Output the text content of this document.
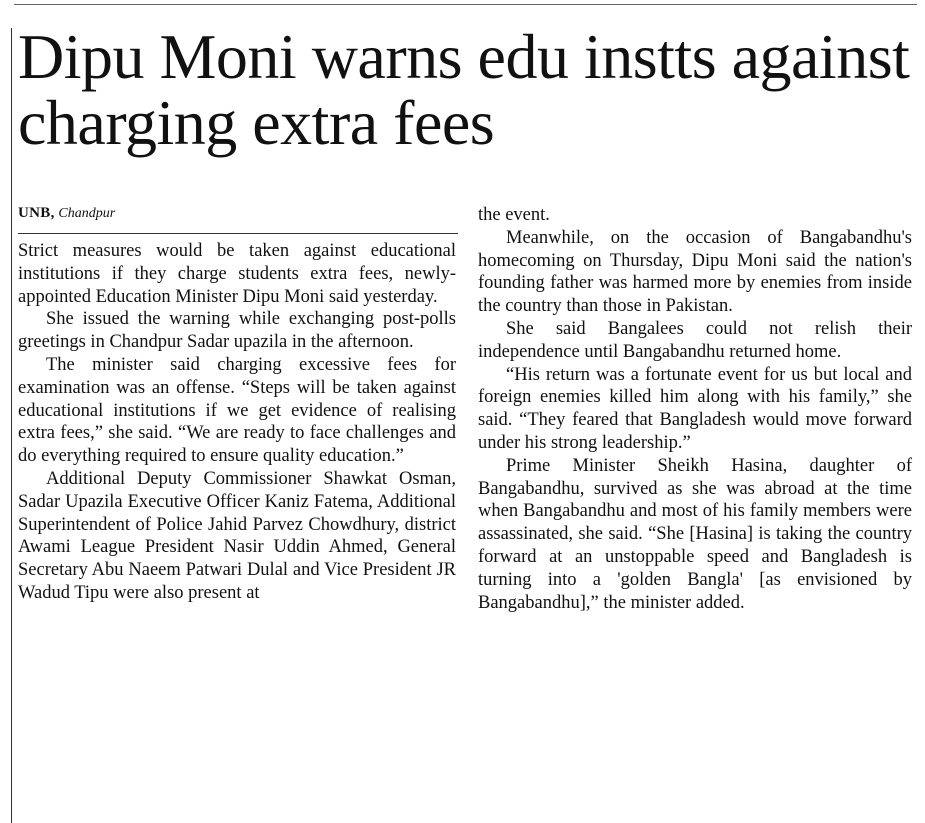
Dipu Moni warns edu instts against charging extra fees
UNB, Chandpur

Strict measures would be taken against educational institutions if they charge students extra fees, newly-appointed Education Minister Dipu Moni said yesterday.

She issued the warning while exchanging post-polls greetings in Chandpur Sadar upazila in the afternoon.

The minister said charging excessive fees for examination was an offense. “Steps will be taken against educational institutions if we get evidence of realising extra fees,” she said. “We are ready to face challenges and do everything required to ensure quality education.”

Additional Deputy Commissioner Shawkat Osman, Sadar Upazila Executive Officer Kaniz Fatema, Additional Superintendent of Police Jahid Parvez Chowdhury, district Awami League President Nasir Uddin Ahmed, General Secretary Abu Naeem Patwari Dulal and Vice President JR Wadud Tipu were also present at

the event.

Meanwhile, on the occasion of Bangabandhu's homecoming on Thursday, Dipu Moni said the nation's founding father was harmed more by enemies from inside the country than those in Pakistan.

She said Bangalees could not relish their independence until Bangabandhu returned home.

“His return was a fortunate event for us but local and foreign enemies killed him along with his family,” she said. “They feared that Bangladesh would move forward under his strong leadership.”

Prime Minister Sheikh Hasina, daughter of Bangabandhu, survived as she was abroad at the time when Bangabandhu and most of his family members were assassinated, she said. “She [Hasina] is taking the country forward at an unstoppable speed and Bangladesh is turning into a 'golden Bangla' [as envisioned by Bangabandhu],” the minister added.
